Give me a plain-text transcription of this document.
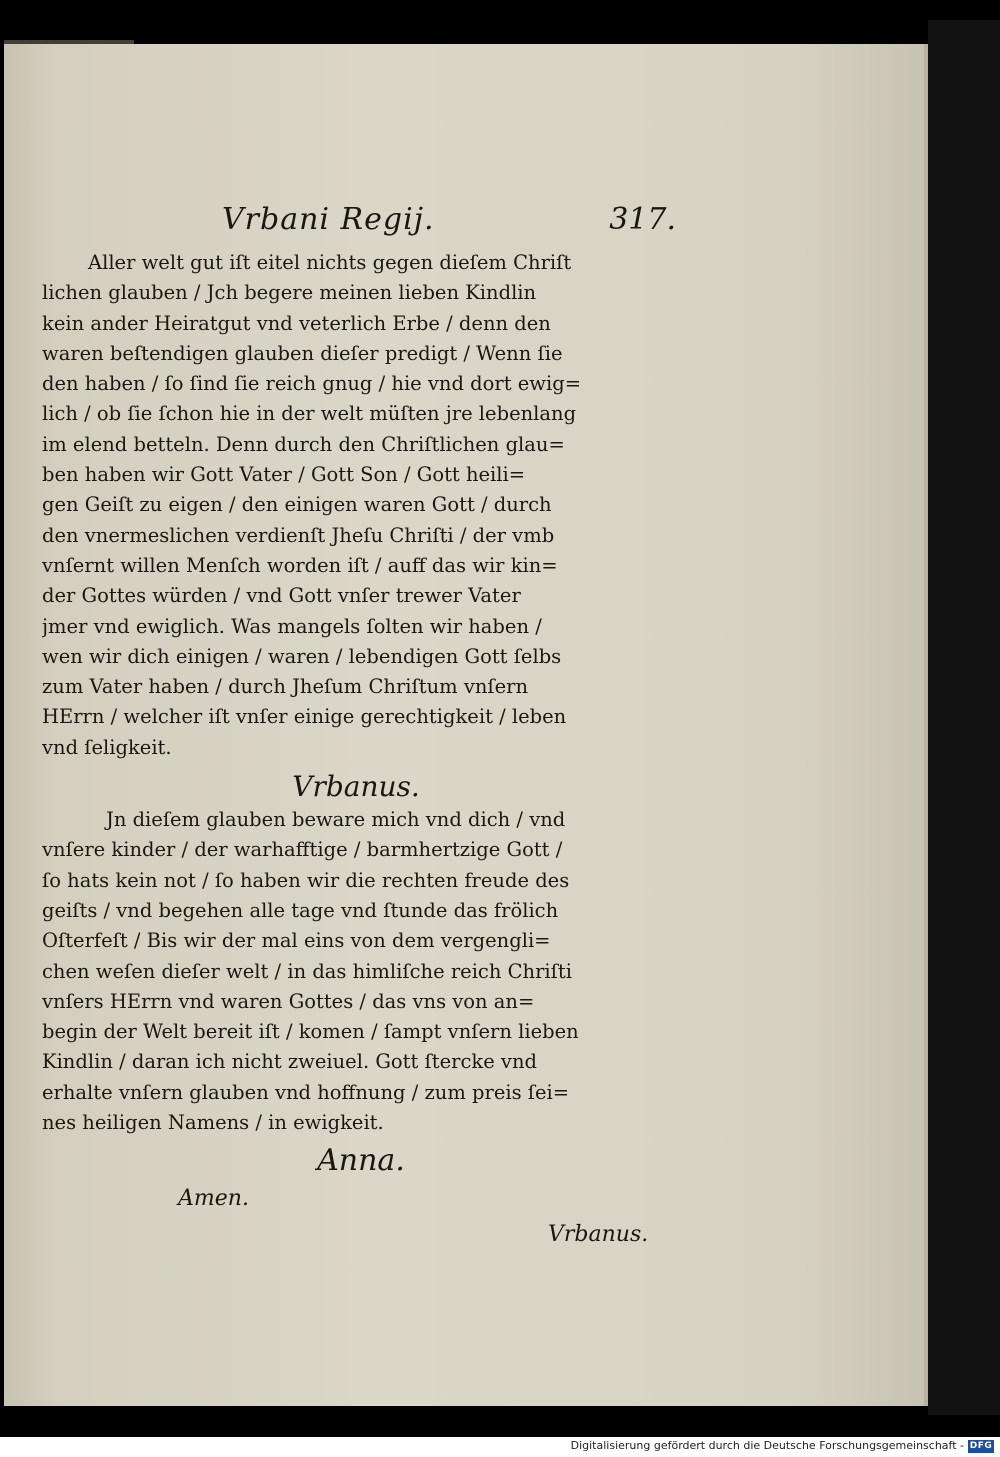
Vrbani Regij.	317.

Aller welt gut iſt eitel nichts gegen dieſem Chriſt
lichen glauben / Jch begere meinen lieben Kindlin
kein ander Heiratgut vnd veterlich Erbe / denn den
waren beſtendigen glauben dieſer predigt / Wenn ſie
den haben / ſo ſind ſie reich gnug / hie vnd dort ewig=
lich / ob ſie ſchon hie in der welt müſten jre lebenlang
im elend betteln. Denn durch den Chriſtlichen glau=
ben haben wir Gott Vater / Gott Son / Gott heili=
gen Geiſt zu eigen / den einigen waren Gott / durch
den vnermeslichen verdienſt Jheſu Chriſti / der vmb
vnſernt willen Menſch worden iſt / auff das wir kin=
der Gottes würden / vnd Gott vnſer trewer Vater
jmer vnd ewiglich. Was mangels ſolten wir haben /
wen wir dich einigen / waren / lebendigen Gott ſelbs
zum Vater haben / durch Jheſum Chriſtum vnſern
HErrn / welcher iſt vnſer einige gerechtigkeit / leben
vnd ſeligkeit.

Vrbanus.

Jn dieſem glauben beware mich vnd dich / vnd
vnſere kinder / der warhafftige / barmhertzige Gott /
ſo hats kein not / ſo haben wir die rechten freude des
geiſts / vnd begehen alle tage vnd ſtunde das frölich
Oſterfeſt / Bis wir der mal eins von dem vergengli=
chen weſen dieſer welt / in das himliſche reich Chriſti
vnſers HErrn vnd waren Gottes / das vns von an=
begin der Welt bereit iſt / komen / ſampt vnſern lieben
Kindlin / daran ich nicht zweiuel. Gott ſtercke vnd
erhalte vnſern glauben vnd hoffnung / zum preis ſei=
nes heiligen Namens / in ewigkeit.

Anna.
Amen.
Vrbanus.
Digitalisierung gefördert durch die Deutsche Forschungsgemeinschaft - DFG
